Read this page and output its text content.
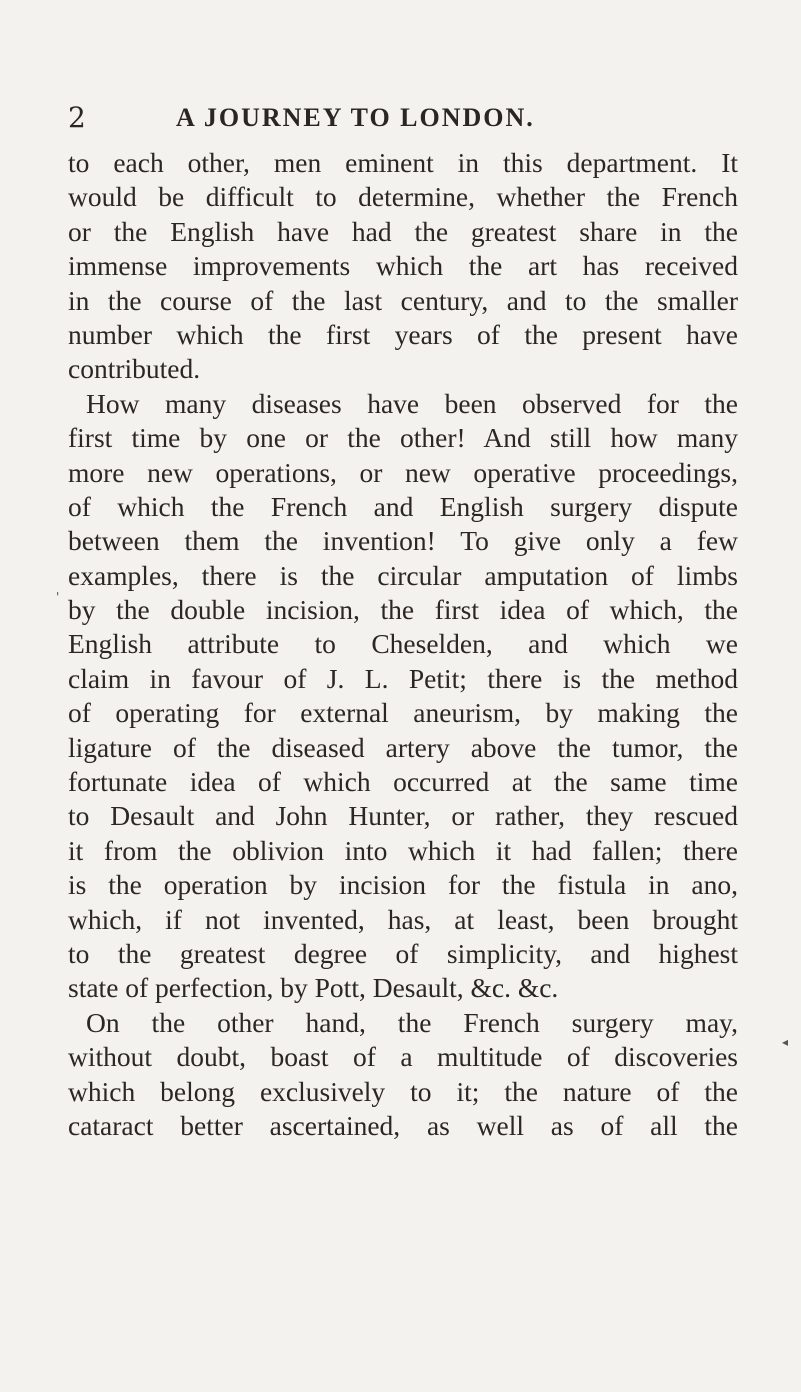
2	A JOURNEY TO LONDON.
to each other, men eminent in this department. It
would be difficult to determine, whether the French
or the English have had the greatest share in the
immense improvements which the art has received
in the course of the last century, and to the smaller
number which the first years of the present have
contributed.
How many diseases have been observed for the
first time by one or the other! And still how many
more new operations, or new operative proceedings,
of which the French and English surgery dispute
between them the invention! To give only a few
examples, there is the circular amputation of limbs
by the double incision, the first idea of which, the
English attribute to Cheselden, and which we
claim in favour of J. L. Petit; there is the method
of operating for external aneurism, by making the
ligature of the diseased artery above the tumor, the
fortunate idea of which occurred at the same time
to Desault and John Hunter, or rather, they rescued
it from the oblivion into which it had fallen; there
is the operation by incision for the fistula in ano,
which, if not invented, has, at least, been brought
to the greatest degree of simplicity, and highest
state of perfection, by Pott, Desault, &c. &c.
On the other hand, the French surgery may,
without doubt, boast of a multitude of discoveries
which belong exclusively to it; the nature of the
cataract better ascertained, as well as of all the
'
◂
